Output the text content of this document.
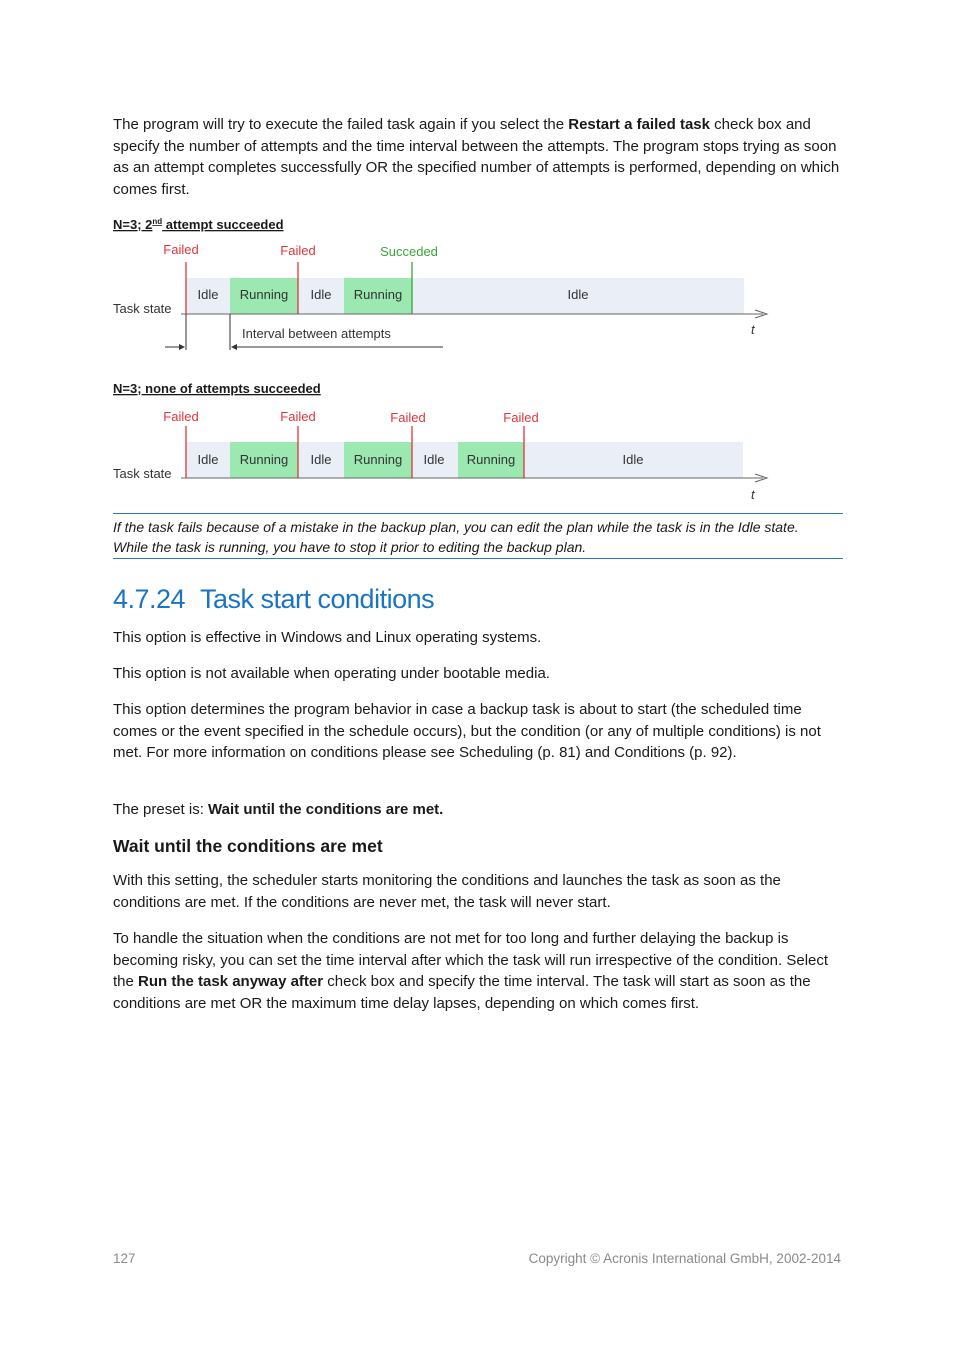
The program will try to execute the failed task again if you select the Restart a failed task check box and specify the number of attempts and the time interval between the attempts. The program stops trying as soon as an attempt completes successfully OR the specified number of attempts is performed, depending on which comes first.

N=3; 2nd attempt succeeded
Idle Running Idle Running	Idle
Failed	Failed	Succeded
Task state
t
Interval between attempts
N=3; none of attempts succeeded
Idle Running Idle Running Idle Running	Idle
Failed	Failed	Failed	Failed
Task state
t
If the task fails because of a mistake in the backup plan, you can edit the plan while the task is in the Idle state.
While the task is running, you have to stop it prior to editing the backup plan.
4.7.24 Task start conditions

This option is effective in Windows and Linux operating systems.

This option is not available when operating under bootable media.

This option determines the program behavior in case a backup task is about to start (the scheduled time comes or the event specified in the schedule occurs), but the condition (or any of multiple conditions) is not met. For more information on conditions please see Scheduling (p. 81) and Conditions (p. 92).

The preset is: Wait until the conditions are met.

Wait until the conditions are met

With this setting, the scheduler starts monitoring the conditions and launches the task as soon as the conditions are met. If the conditions are never met, the task will never start.

To handle the situation when the conditions are not met for too long and further delaying the backup is becoming risky, you can set the time interval after which the task will run irrespective of the condition. Select the Run the task anyway after check box and specify the time interval. The task will start as soon as the conditions are met OR the maximum time delay lapses, depending on which comes first.

127	Copyright © Acronis International GmbH, 2002-2014
